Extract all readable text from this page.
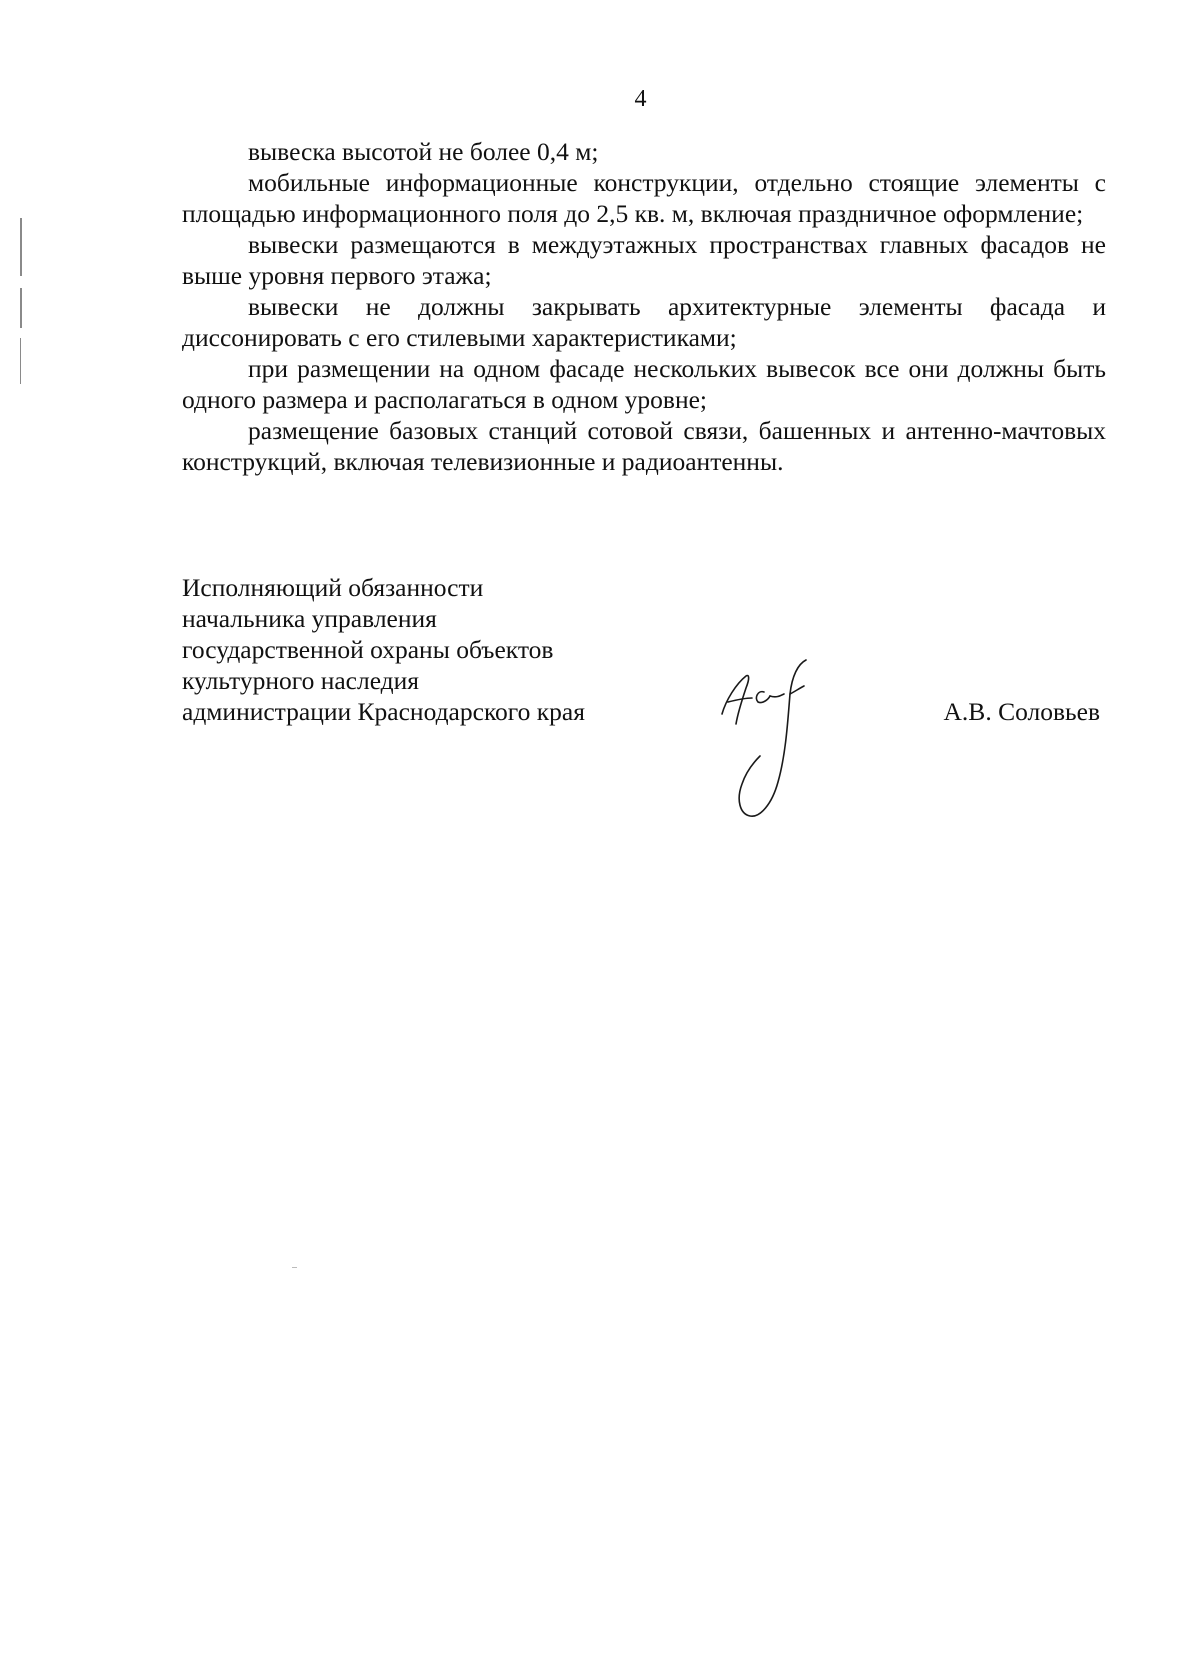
4

вывеска высотой не более 0,4 м;

мобильные информационные конструкции, отдельно стоящие элементы с площадью информационного поля до 2,5 кв. м, включая праздничное оформление;

вывески размещаются в междуэтажных пространствах главных фасадов не выше уровня первого этажа;

вывески не должны закрывать архитектурные элементы фасада и диссонировать с его стилевыми характеристиками;

при размещении на одном фасаде нескольких вывесок все они должны быть одного размера и располагаться в одном уровне;

размещение базовых станций сотовой связи, башенных и антенно-мачтовых конструкций, включая телевизионные и радиоантенны.

Исполняющий обязанности
начальника управления
государственной охраны объектов
культурного наследия
администрации Краснодарского края	А.В. Соловьев
